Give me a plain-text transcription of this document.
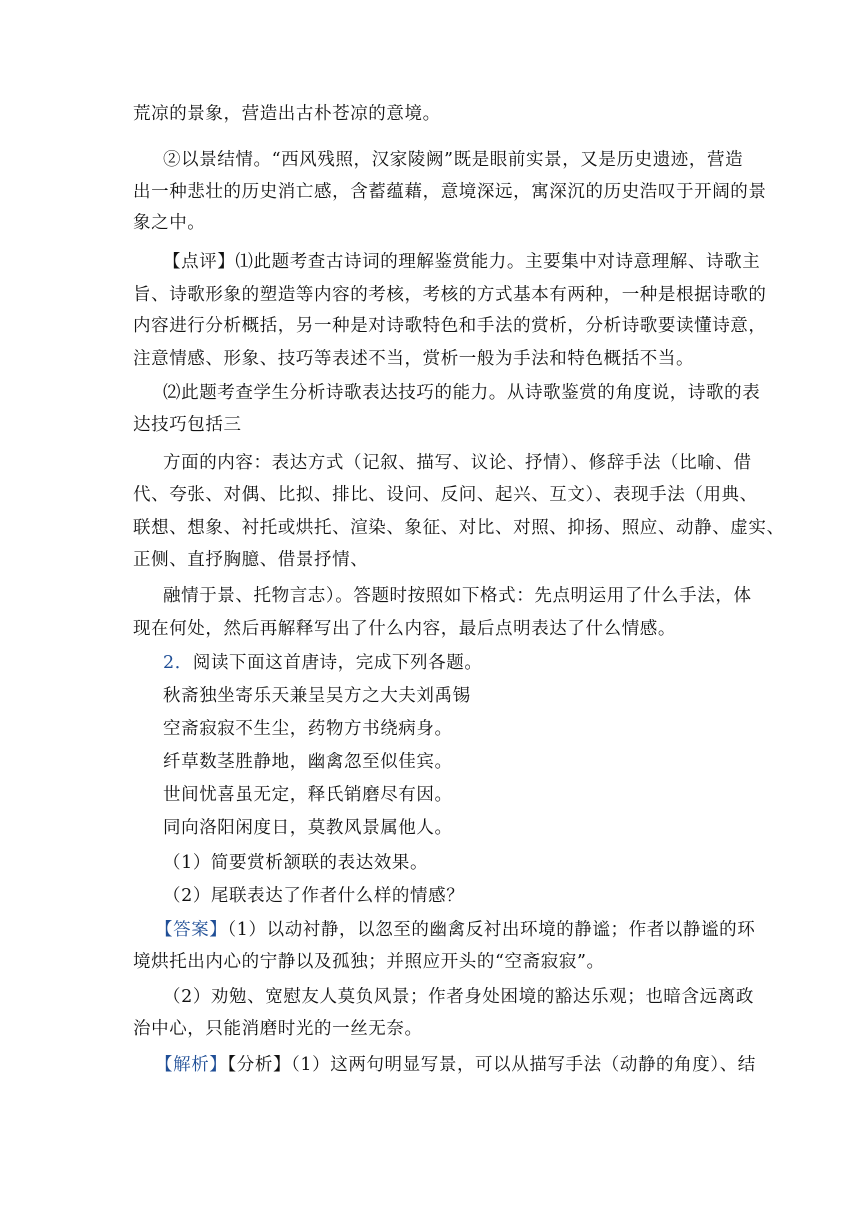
荒凉的景象，营造出古朴苍凉的意境。
②以景结情。“西风残照，汉家陵阙”既是眼前实景，又是历史遗迹，营造
出一种悲壮的历史消亡感，含蓄蕴藉，意境深远，寓深沉的历史浩叹于开阔的景
象之中。
【点评】⑴此题考查古诗词的理解鉴赏能力。主要集中对诗意理解、诗歌主
旨、诗歌形象的塑造等内容的考核，考核的方式基本有两种，一种是根据诗歌的
内容进行分析概括，另一种是对诗歌特色和手法的赏析，分析诗歌要读懂诗意，
注意情感、形象、技巧等表述不当，赏析一般为手法和特色概括不当。
⑵此题考查学生分析诗歌表达技巧的能力。从诗歌鉴赏的角度说，诗歌的表
达技巧包括三
方面的内容：表达方式（记叙、描写、议论、抒情）、修辞手法（比喻、借
代、夸张、对偶、比拟、排比、设问、反问、起兴、互文）、表现手法（用典、
联想、想象、衬托或烘托、渲染、象征、对比、对照、抑扬、照应、动静、虚实、
正侧、直抒胸臆、借景抒情、
融情于景、托物言志）。答题时按照如下格式：先点明运用了什么手法，体
现在何处，然后再解释写出了什么内容，最后点明表达了什么情感。
2．阅读下面这首唐诗，完成下列各题。
秋斋独坐寄乐天兼呈吴方之大夫刘禹锡
空斋寂寂不生尘，药物方书绕病身。
纤草数茎胜静地，幽禽忽至似佳宾。
世间忧喜虽无定，释氏销磨尽有因。
同向洛阳闲度日，莫教风景属他人。
（1）简要赏析颔联的表达效果。
（2）尾联表达了作者什么样的情感？
【答案】（1）以动衬静，以忽至的幽禽反衬出环境的静谧；作者以静谧的环
境烘托出内心的宁静以及孤独；并照应开头的“空斋寂寂”。
（2）劝勉、宽慰友人莫负风景；作者身处困境的豁达乐观；也暗含远离政
治中心，只能消磨时光的一丝无奈。
【解析】【分析】（1）这两句明显写景，可以从描写手法（动静的角度）、结
